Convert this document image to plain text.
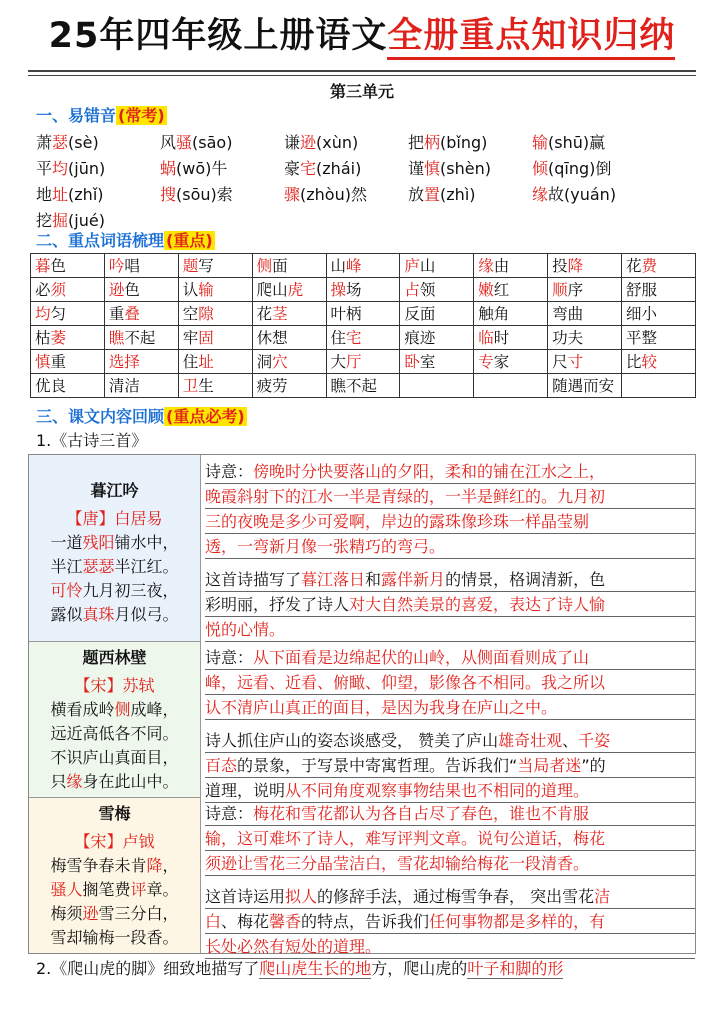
25年四年级上册语文全册重点知识归纳
第三单元
一、易错音 (常考)
萧瑟(sè)	风骚(sāo)	谦逊(xùn)	把柄(bǐng)	输(shū)赢
平均(jūn)	蜗(wō)牛	豪宅(zhái)	谨慎(shèn)	倾(qīng)倒
地址(zhǐ)	搜(sōu)索	骤(zhòu)然	放置(zhì)	缘故(yuán)
挖掘(jué)
二、重点词语梳理 (重点)
暮色	吟唱	题写	侧面	山峰	庐山	缘由	投降	花费
必须	逊色	认输	爬山虎	操场	占领	嫩红	顺序	舒服
均匀	重叠	空隙	花茎	叶柄	反面	触角	弯曲	细小
枯萎	瞧不起	牢固	休想	住宅	痕迹	临时	功夫	平整
慎重	选择	住址	洞穴	大厅	卧室	专家	尺寸	比较
优良	清洁	卫生	疲劳	瞧不起			随遇而安	
三、课文内容回顾 (重点必考)
1.《古诗三首》
暮江吟
【唐】白居易
一道残阳铺水中，
半江瑟瑟半江红。
可怜九月初三夜，
露似真珠月似弓。
诗意：傍晚时分快要落山的夕阳，柔和的铺在江水之上，
晚霞斜射下的江水一半是青绿的，一半是鲜红的。九月初
三的夜晚是多少可爱啊，岸边的露珠像珍珠一样晶莹剔
透，一弯新月像一张精巧的弯弓。
这首诗描写了暮江落日和露伴新月的情景，格调清新，色
彩明丽，抒发了诗人对大自然美景的喜爱，表达了诗人愉
悦的心情。
题西林壁
【宋】苏轼
横看成岭侧成峰，
远近高低各不同。
不识庐山真面目，
只缘身在此山中。
诗意：从下面看是边绵起伏的山岭，从侧面看则成了山
峰，远看、近看、俯瞰、仰望，影像各不相同。我之所以
认不清庐山真正的面目，是因为我身在庐山之中。
诗人抓住庐山的姿态谈感受， 赞美了庐山雄奇壮观、千姿
百态的景象，于写景中寄寓哲理。告诉我们“当局者迷”的
道理，说明从不同角度观察事物结果也不相同的道理。
雪梅
【宋】卢钺
梅雪争春未肯降，
骚人搁笔费评章。
梅须逊雪三分白，
雪却输梅一段香。
诗意：梅花和雪花都认为各自占尽了春色，谁也不肯服
输，这可难坏了诗人，难写评判文章。说句公道话，梅花
须逊让雪花三分晶莹洁白，雪花却输给梅花一段清香。
这首诗运用拟人的修辞手法，通过梅雪争春， 突出雪花洁
白、梅花馨香的特点，告诉我们任何事物都是多样的，有
长处必然有短处的道理。
2.《爬山虎的脚》细致地描写了爬山虎生长的地方，爬山虎的叶子和脚的形
